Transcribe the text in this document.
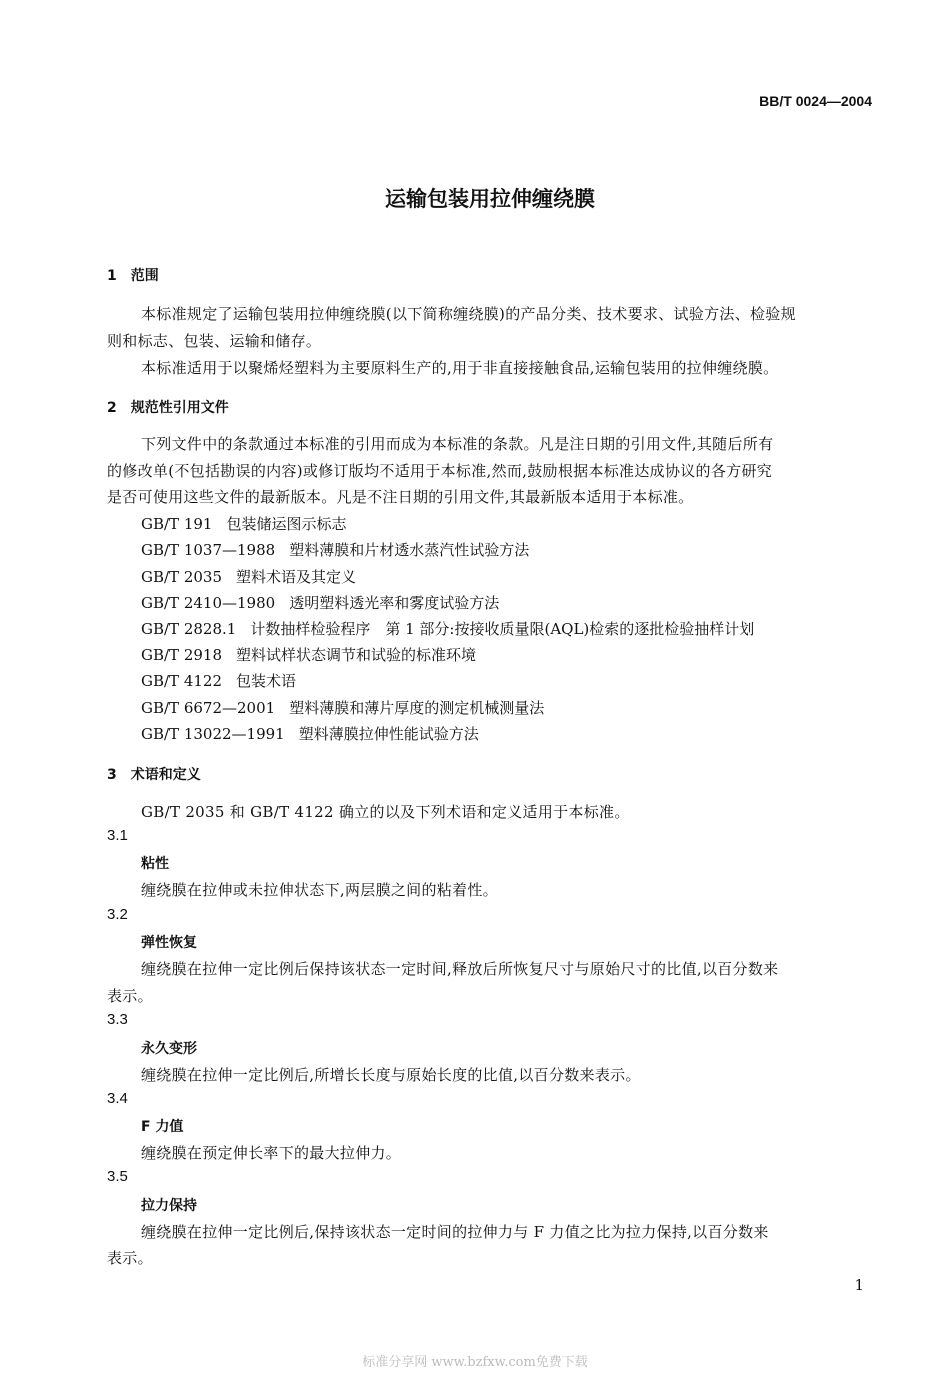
BB/T 0024—2004
运输包装用拉伸缠绕膜
1　范围
本标准规定了运输包装用拉伸缠绕膜(以下简称缠绕膜)的产品分类、技术要求、试验方法、检验规
则和标志、包装、运输和储存。
本标准适用于以聚烯烃塑料为主要原料生产的,用于非直接接触食品,运输包装用的拉伸缠绕膜。
2　规范性引用文件
下列文件中的条款通过本标准的引用而成为本标准的条款。凡是注日期的引用文件,其随后所有
的修改单(不包括勘误的内容)或修订版均不适用于本标准,然而,鼓励根据本标准达成协议的各方研究
是否可使用这些文件的最新版本。凡是不注日期的引用文件,其最新版本适用于本标准。
GB/T 191 包装储运图示标志
GB/T 1037—1988 塑料薄膜和片材透水蒸汽性试验方法
GB/T 2035 塑料术语及其定义
GB/T 2410—1980 透明塑料透光率和雾度试验方法
GB/T 2828.1 计数抽样检验程序　第 1 部分:按接收质量限(AQL)检索的逐批检验抽样计划
GB/T 2918 塑料试样状态调节和试验的标准环境
GB/T 4122 包装术语
GB/T 6672—2001 塑料薄膜和薄片厚度的测定机械测量法
GB/T 13022—1991 塑料薄膜拉伸性能试验方法
3　术语和定义
GB/T 2035 和 GB/T 4122 确立的以及下列术语和定义适用于本标准。
3.1
粘性
缠绕膜在拉伸或未拉伸状态下,两层膜之间的粘着性。
3.2
弹性恢复
缠绕膜在拉伸一定比例后保持该状态一定时间,释放后所恢复尺寸与原始尺寸的比值,以百分数来
表示。
3.3
永久变形
缠绕膜在拉伸一定比例后,所增长长度与原始长度的比值,以百分数来表示。
3.4
F 力值
缠绕膜在预定伸长率下的最大拉伸力。
3.5
拉力保持
缠绕膜在拉伸一定比例后,保持该状态一定时间的拉伸力与 F 力值之比为拉力保持,以百分数来
表示。
1
标准分享网 www.bzfxw.com免费下载
